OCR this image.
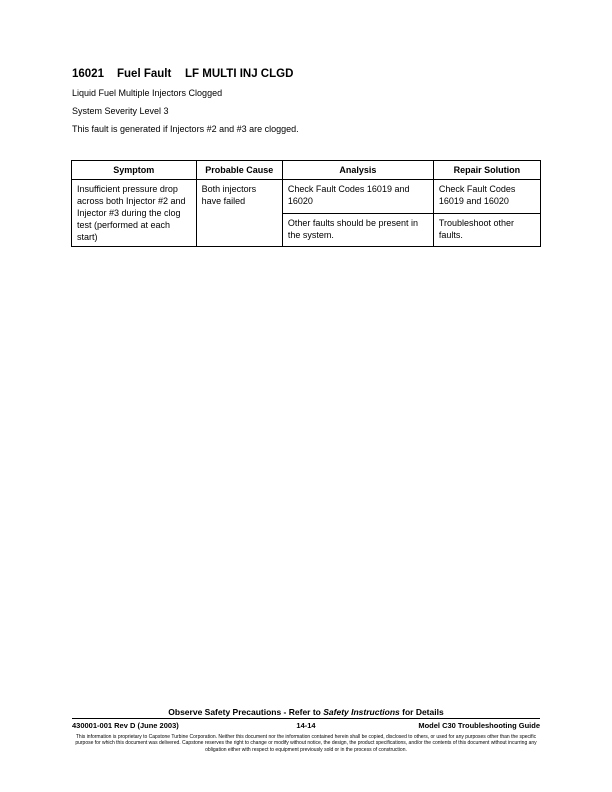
16021 Fuel Fault LF MULTI INJ CLGD
Liquid Fuel Multiple Injectors Clogged
System Severity Level 3
This fault is generated if Injectors #2 and #3 are clogged.
Symptom	Probable Cause	Analysis	Repair Solution
Insufficient pressure drop across both Injector #2 and Injector #3 during the clog test (performed at each start)	Both injectors have failed	Check Fault Codes 16019 and 16020	Check Fault Codes 16019 and 16020
		Other faults should be present in the system.	Troubleshoot other faults.
Observe Safety Precautions - Refer to Safety Instructions for Details
430001-001 Rev D (June 2003)	14-14	Model C30 Troubleshooting Guide
This information is proprietary to Capstone Turbine Corporation. Neither this document nor the information contained herein shall be copied, disclosed to others, or used for any purposes other than the specific purpose for which this document was delivered. Capstone reserves the right to change or modify without notice, the design, the product specifications, and/or the contents of this document without incurring any obligation either with respect to equipment previously sold or in the process of construction.
